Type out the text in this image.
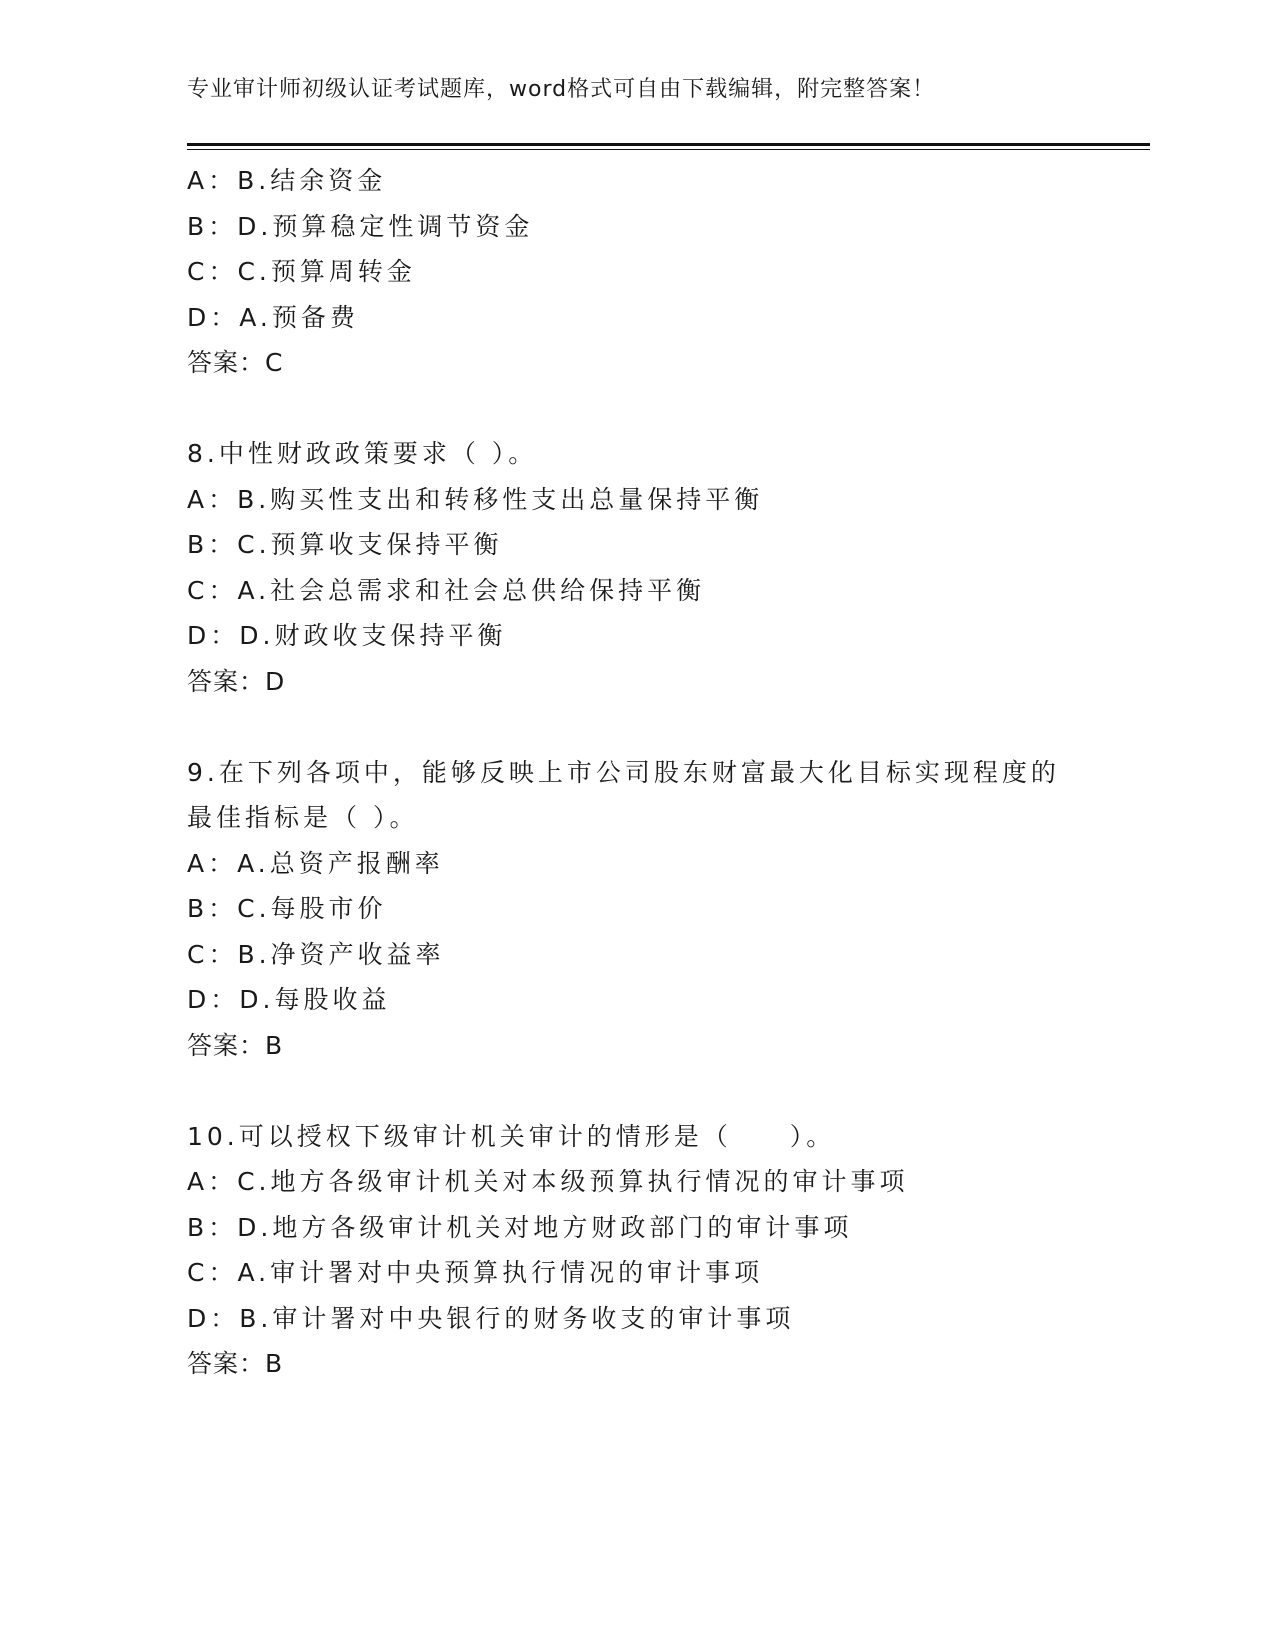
专业审计师初级认证考试题库，word格式可自由下载编辑，附完整答案！
A：B.结余资金
B：D.预算稳定性调节资金
C：C.预算周转金
D：A.预备费
答案：C
8.中性财政政策要求（ ）。
A：B.购买性支出和转移性支出总量保持平衡
B：C.预算收支保持平衡
C：A.社会总需求和社会总供给保持平衡
D：D.财政收支保持平衡
答案：D
9.在下列各项中，能够反映上市公司股东财富最大化目标实现程度的
最佳指标是（ ）。
A：A.总资产报酬率
B：C.每股市价
C：B.净资产收益率
D：D.每股收益
答案：B
10.可以授权下级审计机关审计的情形是（　　）。
A：C.地方各级审计机关对本级预算执行情况的审计事项
B：D.地方各级审计机关对地方财政部门的审计事项
C：A.审计署对中央预算执行情况的审计事项
D：B.审计署对中央银行的财务收支的审计事项
答案：B
